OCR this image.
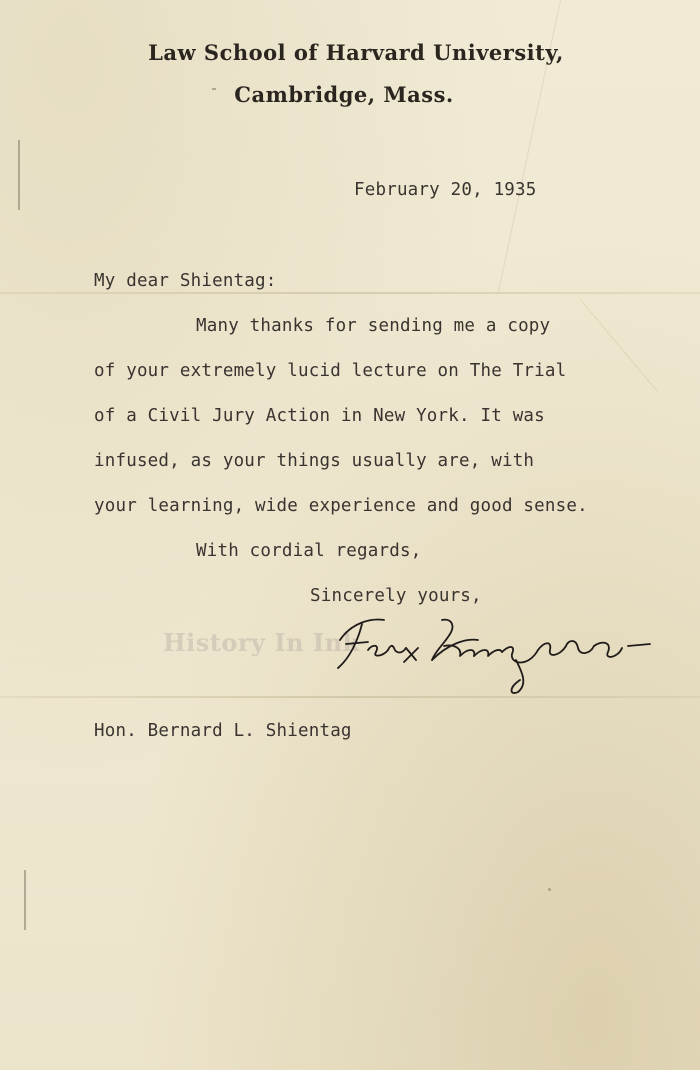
Law School of Harvard University,
Cambridge, Mass.
February 20, 1935
My dear Shientag:
Many thanks for sending me a copy
of your extremely lucid lecture on The Trial
of a Civil Jury Action in New York. It was
infused, as your things usually are, with
your learning, wide experience and good sense.
With cordial regards,
Sincerely yours,
History In Ink
Hon. Bernard L. Shientag
